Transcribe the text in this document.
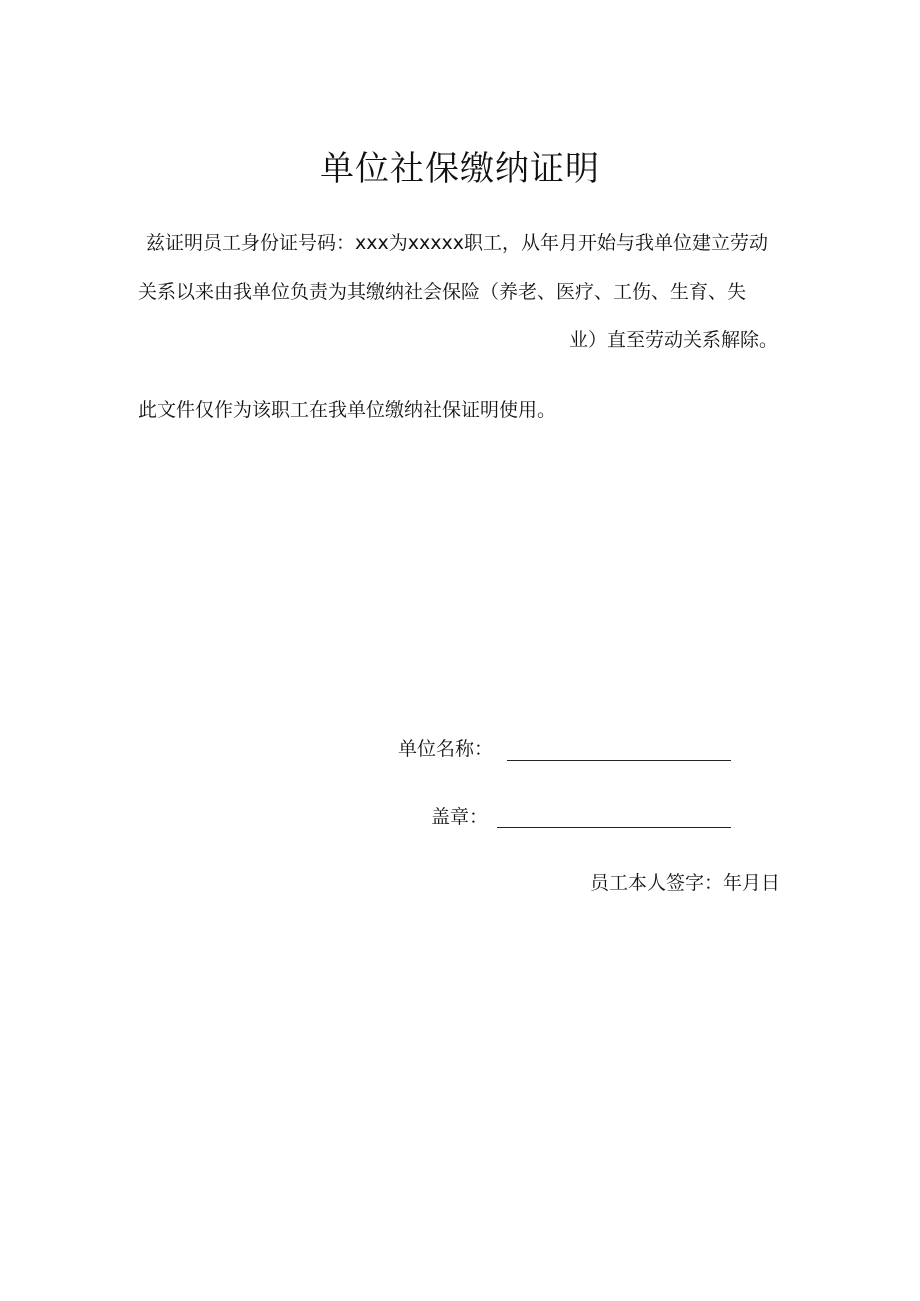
单位社保缴纳证明
兹证明员工身份证号码：xxx为xxxxx职工，从年月开始与我单位建立劳动
关系以来由我单位负责为其缴纳社会保险（养老、医疗、工伤、生育、失
业）直至劳动关系解除。
此文件仅作为该职工在我单位缴纳社保证明使用。
单位名称：
盖章：
员工本人签字：年月日
